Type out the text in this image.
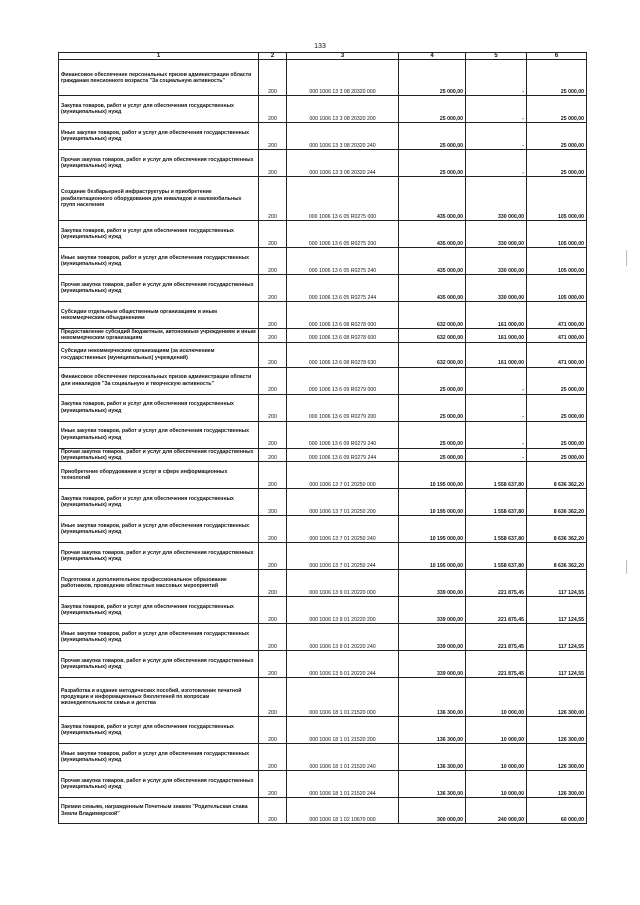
133
1	2	3	4	5	6
Финансовое обеспечение персональных призов администрации области гражданам пенсионного возраста "За социальную активность"	200	000 1006 13 3 08 20320 000	25 000,00	-	25 000,00
Закупка товаров, работ и услуг для обеспечения государственных (муниципальных) нужд	200	000 1006 13 3 08 20320 200	25 000,00	-	25 000,00
Иные закупки товаров, работ и услуг для обеспечения государственных (муниципальных) нужд	200	000 1006 13 3 08 20320 240	25 000,00	-	25 000,00
Прочая закупка товаров, работ и услуг для обеспечения государственных (муниципальных) нужд	200	000 1006 13 3 08 20320 244	25 000,00	-	25 000,00
Создание безбарьерной инфраструктуры и приобретение реабилитационного оборудования для инвалидов и маломобильных групп населения	200	000 1006 13 6 05 R0275 000	435 000,00	330 000,00	105 000,00
Закупка товаров, работ и услуг для обеспечения государственных (муниципальных) нужд	200	000 1006 13 6 05 R0275 200	435 000,00	330 000,00	105 000,00
Иные закупки товаров, работ и услуг для обеспечения государственных (муниципальных) нужд	200	000 1006 13 6 05 R0275 240	435 000,00	330 000,00	105 000,00
Прочая закупка товаров, работ и услуг для обеспечения государственных (муниципальных) нужд	200	000 1006 13 6 05 R0275 244	435 000,00	330 000,00	105 000,00
Субсидии отдельным общественным организациям и иным некоммерческим объединениям	200	000 1006 13 6 08 R0278 000	632 000,00	161 000,00	471 000,00
Предоставление субсидий бюджетным, автономным учреждениям и иным некоммерческим организациям	200	000 1006 13 6 08 R0278 600	632 000,00	161 000,00	471 000,00
Субсидии некоммерческим организациям (за исключением государственных (муниципальных) учреждений)	200	000 1006 13 6 08 R0278 630	632 000,00	161 000,00	471 000,00
Финансовое обеспечение персональных призов администрации области для инвалидов "За социальную и творческую активность"	200	000 1006 13 6 09 R0279 000	25 000,00	-	25 000,00
Закупка товаров, работ и услуг для обеспечения государственных (муниципальных) нужд	200	000 1006 13 6 09 R0279 200	25 000,00	-	25 000,00
Иные закупки товаров, работ и услуг для обеспечения государственных (муниципальных) нужд	200	000 1006 13 6 09 R0279 240	25 000,00	-	25 000,00
Прочая закупка товаров, работ и услуг для обеспечения государственных (муниципальных) нужд	200	000 1006 13 6 09 R0279 244	25 000,00	-	25 000,00
Приобретение оборудования и услуг в сфере информационных технологий	200	000 1006 13 7 01 20250 000	10 195 000,00	1 558 637,80	8 636 362,20
Закупка товаров, работ и услуг для обеспечения государственных (муниципальных) нужд	200	000 1006 13 7 01 20250 200	10 195 000,00	1 558 637,80	8 636 362,20
Иные закупки товаров, работ и услуг для обеспечения государственных (муниципальных) нужд	200	000 1006 13 7 01 20250 240	10 195 000,00	1 558 637,80	8 636 362,20
Прочая закупка товаров, работ и услуг для обеспечения государственных (муниципальных) нужд	200	000 1006 13 7 01 20250 244	10 195 000,00	1 558 637,80	8 636 362,20
Подготовка и дополнительное профессиональное образование работников, проведение областных массовых мероприятий	200	000 1006 13 9 01 20220 000	339 000,00	221 875,45	117 124,55
Закупка товаров, работ и услуг для обеспечения государственных (муниципальных) нужд	200	000 1006 13 9 01 20220 200	339 000,00	221 875,45	117 124,55
Иные закупки товаров, работ и услуг для обеспечения государственных (муниципальных) нужд	200	000 1006 13 9 01 20220 240	339 000,00	221 875,45	117 124,55
Прочая закупка товаров, работ и услуг для обеспечения государственных (муниципальных) нужд	200	000 1006 13 9 01 20220 244	339 000,00	221 875,45	117 124,55
Разработка и издание методических пособий, изготовление печатной продукции и информационных бюллетеней по вопросам жизнедеятельности семьи и детства	200	000 1006 18 1 01 21520 000	136 300,00	10 000,00	126 300,00
Закупка товаров, работ и услуг для обеспечения государственных (муниципальных) нужд	200	000 1006 18 1 01 21520 200	136 300,00	10 000,00	126 300,00
Иные закупки товаров, работ и услуг для обеспечения государственных (муниципальных) нужд	200	000 1006 18 1 01 21520 240	136 300,00	10 000,00	126 300,00
Прочая закупка товаров, работ и услуг для обеспечения государственных (муниципальных) нужд	200	000 1006 18 1 01 21520 244	136 300,00	10 000,00	126 300,00
Премии семьям, награжденным Почетным знаком "Родительская слава Земли Владимирской"	200	000 1006 18 1 02 10670 000	300 000,00	240 000,00	60 000,00
